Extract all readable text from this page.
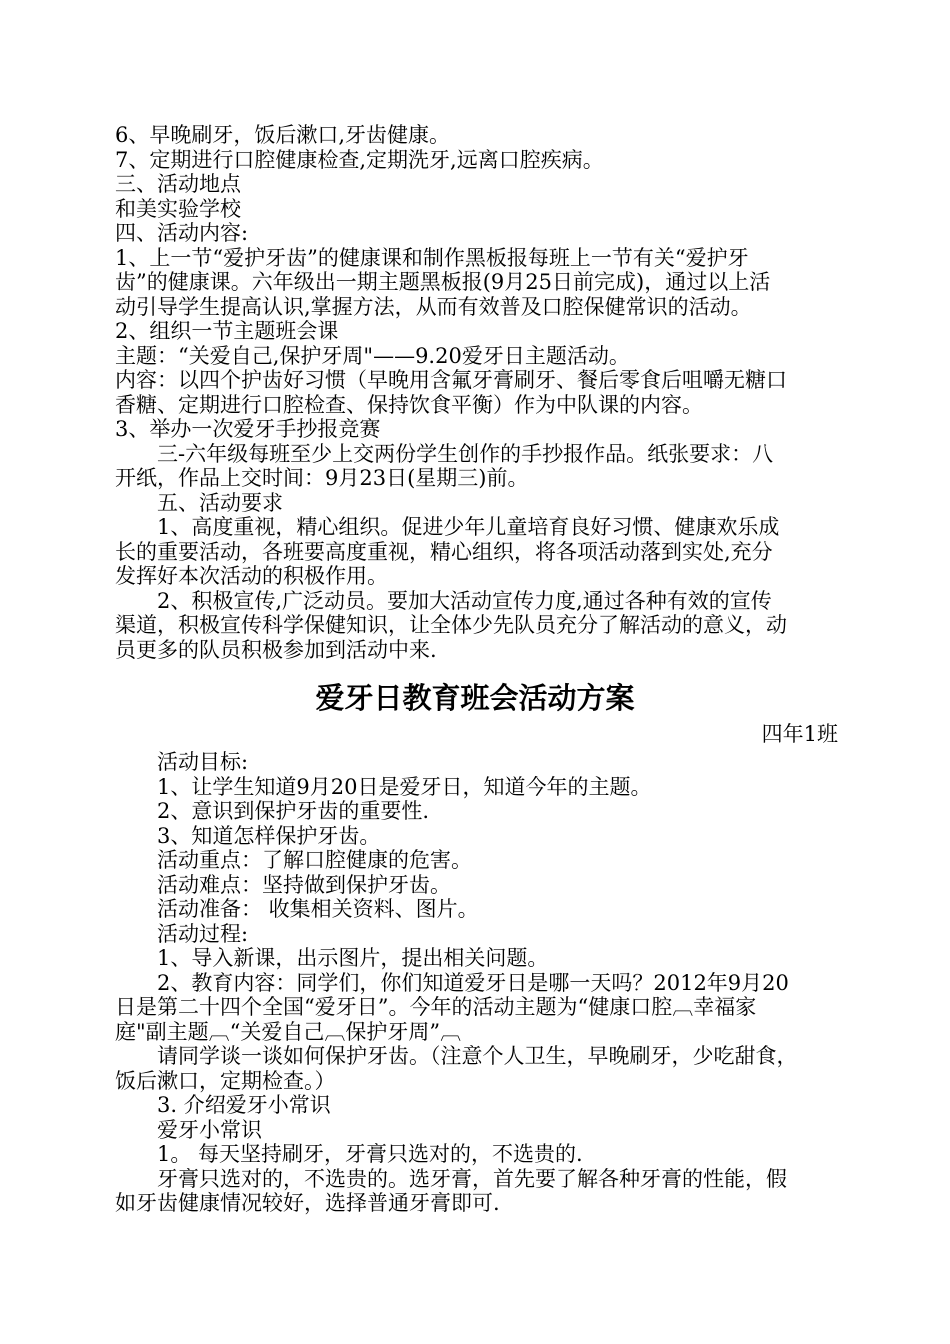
6、早晚刷牙，饭后漱口,牙齿健康。
7、定期进行口腔健康检查,定期洗牙,远离口腔疾病。
三、活动地点
和美实验学校
四、活动内容:
1、上一节“爱护牙齿”的健康课和制作黑板报每班上一节有关“爱护牙
齿”的健康课。六年级出一期主题黑板报(9月25日前完成)，通过以上活
动引导学生提高认识,掌握方法，从而有效普及口腔保健常识的活动。
2、组织一节主题班会课
主题：“关爱自己,保护牙周"——9.20爱牙日主题活动。
内容：以四个护齿好习惯（早晚用含氟牙膏刷牙、餐后零食后咀嚼无糖口
香糖、定期进行口腔检查、保持饮食平衡）作为中队课的内容。
3、举办一次爱牙手抄报竞赛
　　三-六年级每班至少上交两份学生创作的手抄报作品。纸张要求：八
开纸，作品上交时间：9月23日(星期三)前。
　　五、活动要求
　　1、高度重视，精心组织。促进少年儿童培育良好习惯、健康欢乐成
长的重要活动，各班要高度重视，精心组织，将各项活动落到实处,充分
发挥好本次活动的积极作用。
　　2、积极宣传,广泛动员。要加大活动宣传力度,通过各种有效的宣传
渠道，积极宣传科学保健知识，让全体少先队员充分了解活动的意义，动
员更多的队员积极参加到活动中来.
爱牙日教育班会活动方案
四年1班
　　活动目标:
　　1、让学生知道9月20日是爱牙日，知道今年的主题。
　　2、意识到保护牙齿的重要性.
　　3、知道怎样保护牙齿。
　　活动重点：了解口腔健康的危害。
　　活动难点：坚持做到保护牙齿。
　　活动准备： 收集相关资料、图片。
　　活动过程:
　　1、导入新课，出示图片，提出相关问题。
　　2、教育内容：同学们，你们知道爱牙日是哪一天吗？2012年9月20
日是第二十四个全国“爱牙日”。今年的活动主题为“健康口腔︹幸福家
庭"副主题︹“关爱自己︹保护牙周”︹
　　请同学谈一谈如何保护牙齿。（注意个人卫生，早晚刷牙，少吃甜食，
饭后漱口，定期检查。）
　　3. 介绍爱牙小常识
　　爱牙小常识
　　1。 每天坚持刷牙，牙膏只选对的，不选贵的.
　　牙膏只选对的，不选贵的。选牙膏，首先要了解各种牙膏的性能，假
如牙齿健康情况较好，选择普通牙膏即可.
